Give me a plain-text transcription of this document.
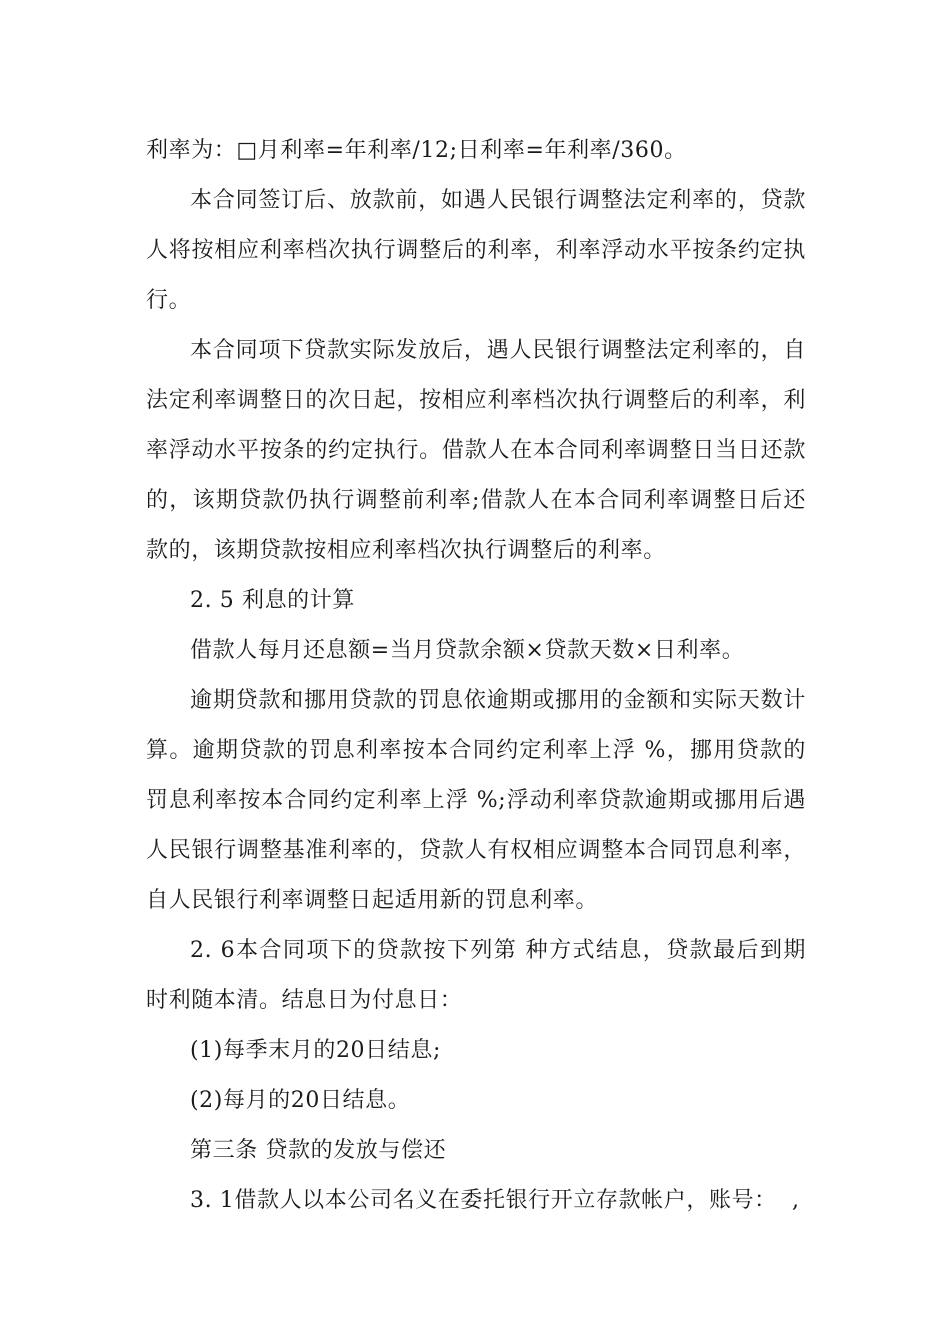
利率为：□月利率=年利率/12;日利率=年利率/360。

本合同签订后、放款前，如遇人民银行调整法定利率的，贷款人将按相应利率档次执行调整后的利率，利率浮动水平按条约定执行。

本合同项下贷款实际发放后，遇人民银行调整法定利率的，自法定利率调整日的次日起，按相应利率档次执行调整后的利率，利率浮动水平按条的约定执行。借款人在本合同利率调整日当日还款的，该期贷款仍执行调整前利率;借款人在本合同利率调整日后还款的，该期贷款按相应利率档次执行调整后的利率。

2. 5 利息的计算

借款人每月还息额=当月贷款余额×贷款天数×日利率。

逾期贷款和挪用贷款的罚息依逾期或挪用的金额和实际天数计算。逾期贷款的罚息利率按本合同约定利率上浮 %，挪用贷款的罚息利率按本合同约定利率上浮 %;浮动利率贷款逾期或挪用后遇人民银行调整基准利率的，贷款人有权相应调整本合同罚息利率，自人民银行利率调整日起适用新的罚息利率。

2. 6本合同项下的贷款按下列第 种方式结息，贷款最后到期时利随本清。结息日为付息日：

(1)每季末月的20日结息;

(2)每月的20日结息。

第三条 贷款的发放与偿还

3. 1借款人以本公司名义在委托银行开立存款帐户，账号：  ,
